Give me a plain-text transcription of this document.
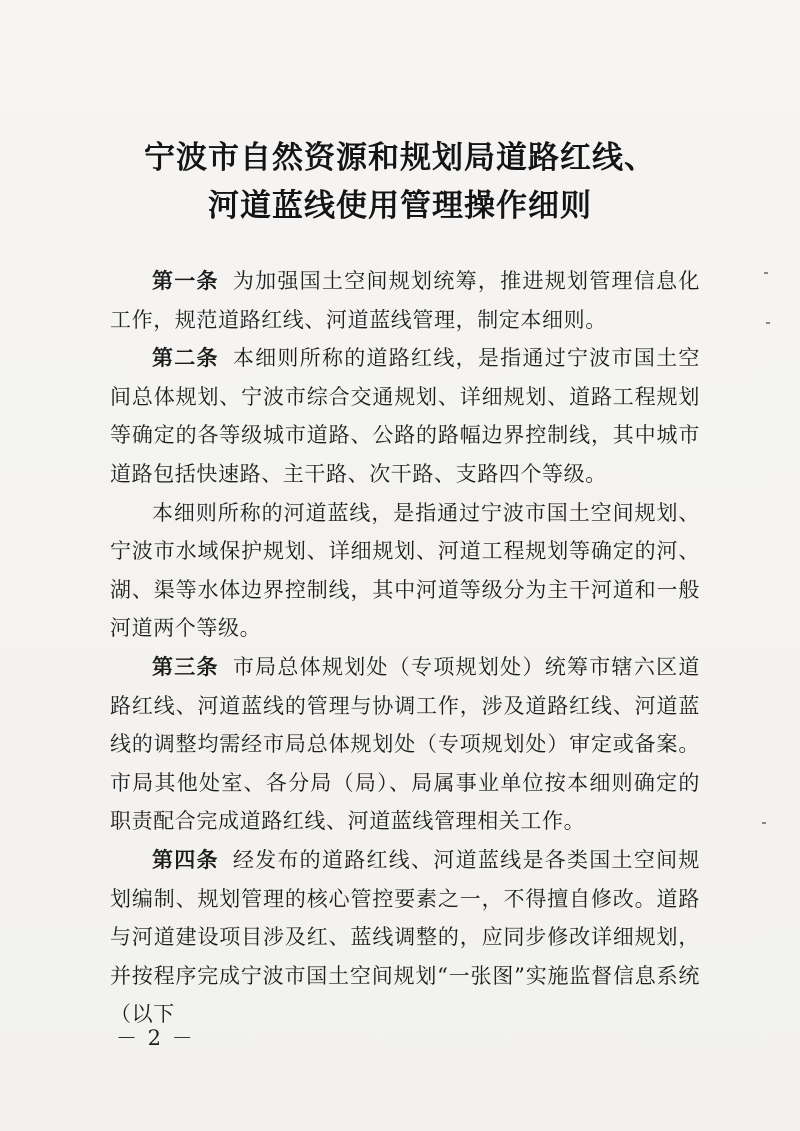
宁波市自然资源和规划局道路红线、
河道蓝线使用管理操作细则

第一条 为加强国土空间规划统筹，推进规划管理信息化工作，规范道路红线、河道蓝线管理，制定本细则。

第二条 本细则所称的道路红线，是指通过宁波市国土空间总体规划、宁波市综合交通规划、详细规划、道路工程规划等确定的各等级城市道路、公路的路幅边界控制线，其中城市道路包括快速路、主干路、次干路、支路四个等级。

本细则所称的河道蓝线，是指通过宁波市国土空间规划、宁波市水域保护规划、详细规划、河道工程规划等确定的河、湖、渠等水体边界控制线，其中河道等级分为主干河道和一般河道两个等级。

第三条 市局总体规划处（专项规划处）统筹市辖六区道路红线、河道蓝线的管理与协调工作，涉及道路红线、河道蓝线的调整均需经市局总体规划处（专项规划处）审定或备案。市局其他处室、各分局（局）、局属事业单位按本细则确定的职责配合完成道路红线、河道蓝线管理相关工作。

第四条 经发布的道路红线、河道蓝线是各类国土空间规划编制、规划管理的核心管控要素之一，不得擅自修改。道路与河道建设项目涉及红、蓝线调整的，应同步修改详细规划，并按程序完成宁波市国土空间规划“一张图”实施监督信息系统（以下

－ 2 －
